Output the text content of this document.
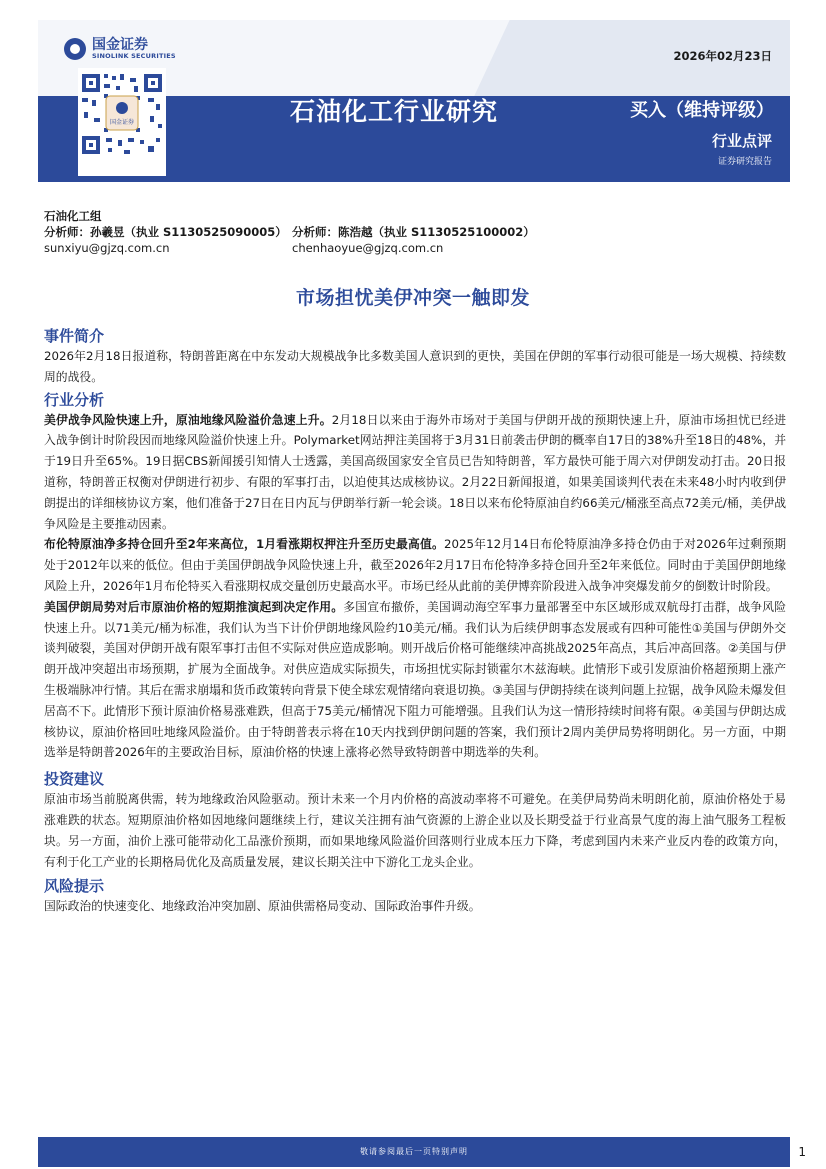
国金证券
SINOLINK SECURITIES
国金证券
2026年02月23日
石油化工行业研究	买入（维持评级）
行业点评
证券研究报告
石油化工组
分析师：孙羲昱（执业 S1130525090005） 分析师：陈浩越（执业 S1130525100002）
sunxiyu@gjzq.com.cn	chenhaoyue@gjzq.com.cn
市场担忧美伊冲突一触即发
事件简介

2026年2月18日报道称，特朗普距离在中东发动大规模战争比多数美国人意识到的更快，美国在伊朗的军事行动很可能是一场大规模、持续数周的战役。

行业分析

美伊战争风险快速上升，原油地缘风险溢价急速上升。2月18日以来由于海外市场对于美国与伊朗开战的预期快速上升，原油市场担忧已经进入战争倒计时阶段因而地缘风险溢价快速上升。Polymarket网站押注美国将于3月31日前袭击伊朗的概率自17日的38%升至18日的48%，并于19日升至65%。19日据CBS新闻援引知情人士透露，美国高级国家安全官员已告知特朗普，军方最快可能于周六对伊朗发动打击。20日报道称，特朗普正权衡对伊朗进行初步、有限的军事打击，以迫使其达成核协议。2月22日新闻报道，如果美国谈判代表在未来48小时内收到伊朗提出的详细核协议方案，他们准备于27日在日内瓦与伊朗举行新一轮会谈。18日以来布伦特原油自约66美元/桶涨至高点72美元/桶，美伊战争风险是主要推动因素。

布伦特原油净多持仓回升至2年来高位，1月看涨期权押注升至历史最高值。2025年12月14日布伦特原油净多持仓仍由于对2026年过剩预期处于2012年以来的低位。但由于美国伊朗战争风险快速上升，截至2026年2月17日布伦特净多持仓回升至2年来低位。同时由于美国伊朗地缘风险上升，2026年1月布伦特买入看涨期权成交量创历史最高水平。市场已经从此前的美伊博弈阶段进入战争冲突爆发前夕的倒数计时阶段。

美国伊朗局势对后市原油价格的短期推演起到决定作用。多国宣布撤侨，美国调动海空军事力量部署至中东区域形成双航母打击群，战争风险快速上升。以71美元/桶为标准，我们认为当下计价伊朗地缘风险约10美元/桶。我们认为后续伊朗事态发展或有四种可能性①美国与伊朗外交谈判破裂，美国对伊朗开战有限军事打击但不实际对供应造成影响。则开战后价格可能继续冲高挑战2025年高点，其后冲高回落。②美国与伊朗开战冲突超出市场预期，扩展为全面战争。对供应造成实际损失，市场担忧实际封锁霍尔木兹海峡。此情形下或引发原油价格超预期上涨产生极端脉冲行情。其后在需求崩塌和货币政策转向背景下使全球宏观情绪向衰退切换。③美国与伊朗持续在谈判问题上拉锯，战争风险未爆发但居高不下。此情形下预计原油价格易涨难跌，但高于75美元/桶情况下阻力可能增强。且我们认为这一情形持续时间将有限。④美国与伊朗达成核协议，原油价格回吐地缘风险溢价。由于特朗普表示将在10天内找到伊朗问题的答案，我们预计2周内美伊局势将明朗化。另一方面，中期选举是特朗普2026年的主要政治目标，原油价格的快速上涨将必然导致特朗普中期选举的失利。

投资建议

原油市场当前脱离供需，转为地缘政治风险驱动。预计未来一个月内价格的高波动率将不可避免。在美伊局势尚未明朗化前，原油价格处于易涨难跌的状态。短期原油价格如因地缘问题继续上行，建议关注拥有油气资源的上游企业以及长期受益于行业高景气度的海上油气服务工程板块。另一方面，油价上涨可能带动化工品涨价预期，而如果地缘风险溢价回落则行业成本压力下降，考虑到国内未来产业反内卷的政策方向，有利于化工产业的长期格局优化及高质量发展，建议长期关注中下游化工龙头企业。

风险提示

国际政治的快速变化、地缘政治冲突加剧、原油供需格局变动、国际政治事件升级。

敬请参阅最后一页特别声明	1
